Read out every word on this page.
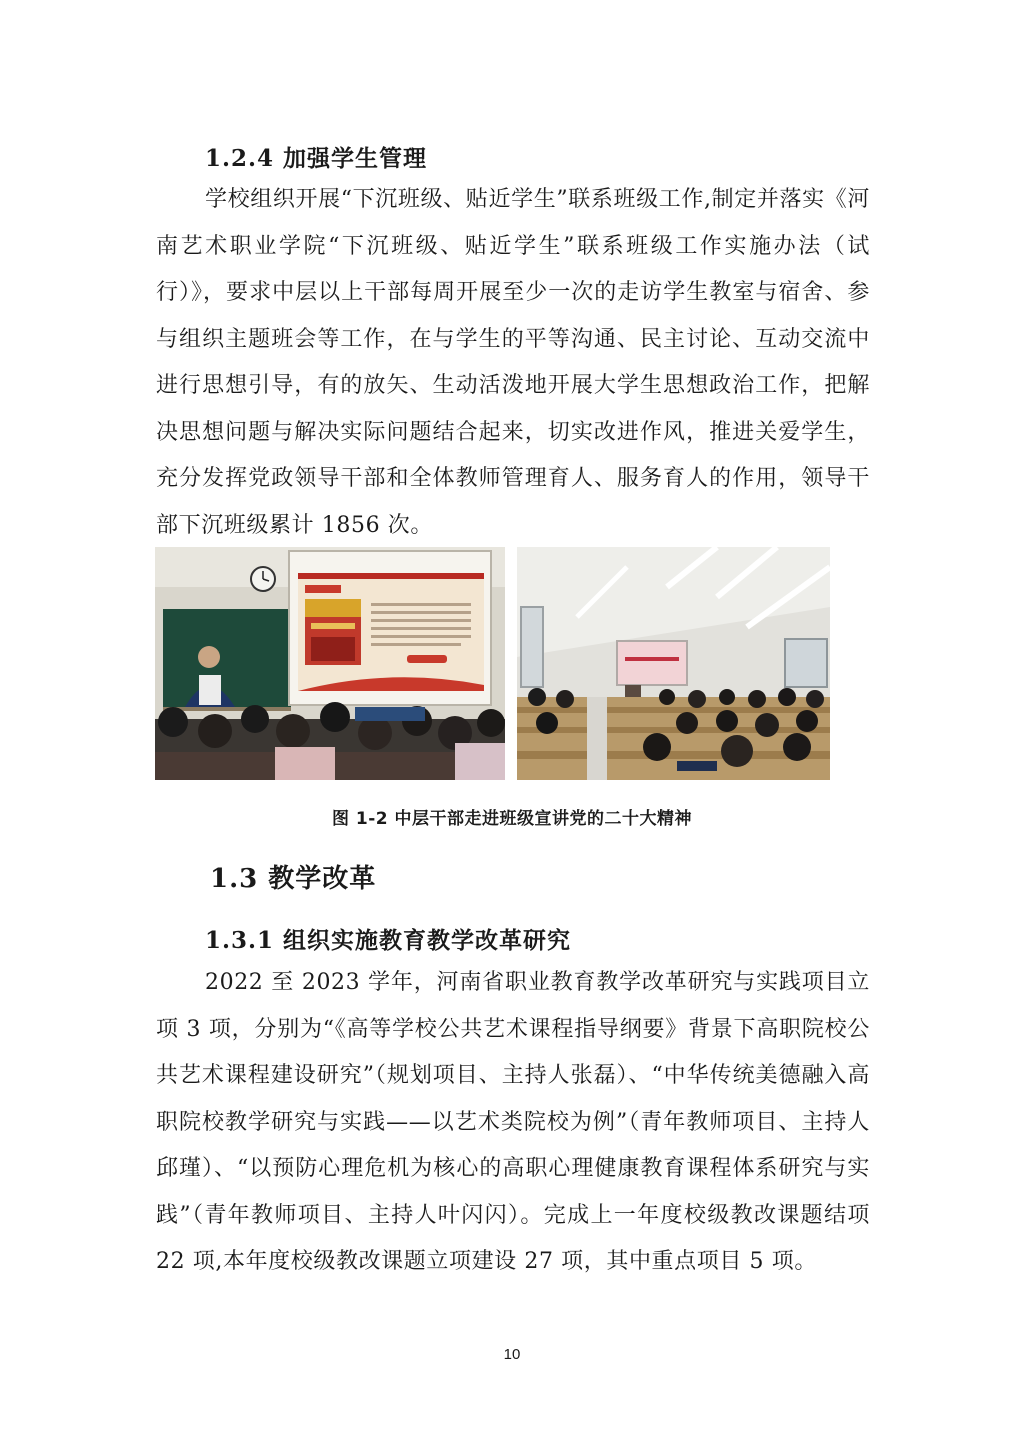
1.2.4 加强学生管理

学校组织开展“下沉班级、贴近学生”联系班级工作,制定并落实《河南艺术职业学院“下沉班级、贴近学生”联系班级工作实施办法（试行）》，要求中层以上干部每周开展至少一次的走访学生教室与宿舍、参与组织主题班会等工作，在与学生的平等沟通、民主讨论、互动交流中进行思想引导，有的放矢、生动活泼地开展大学生思想政治工作，把解决思想问题与解决实际问题结合起来，切实改进作风，推进关爱学生，充分发挥党政领导干部和全体教师管理育人、服务育人的作用，领导干部下沉班级累计 1856 次。

图 1-2 中层干部走进班级宣讲党的二十大精神
1.3 教学改革
1.3.1 组织实施教育教学改革研究

2022 至 2023 学年，河南省职业教育教学改革研究与实践项目立项 3 项，分别为“《高等学校公共艺术课程指导纲要》背景下高职院校公共艺术课程建设研究”（规划项目、主持人张磊）、“中华传统美德融入高职院校教学研究与实践——以艺术类院校为例”（青年教师项目、主持人邱瑾）、“以预防心理危机为核心的高职心理健康教育课程体系研究与实践”（青年教师项目、主持人叶闪闪）。完成上一年度校级教改课题结项 22 项,本年度校级教改课题立项建设 27 项，其中重点项目 5 项。

10
